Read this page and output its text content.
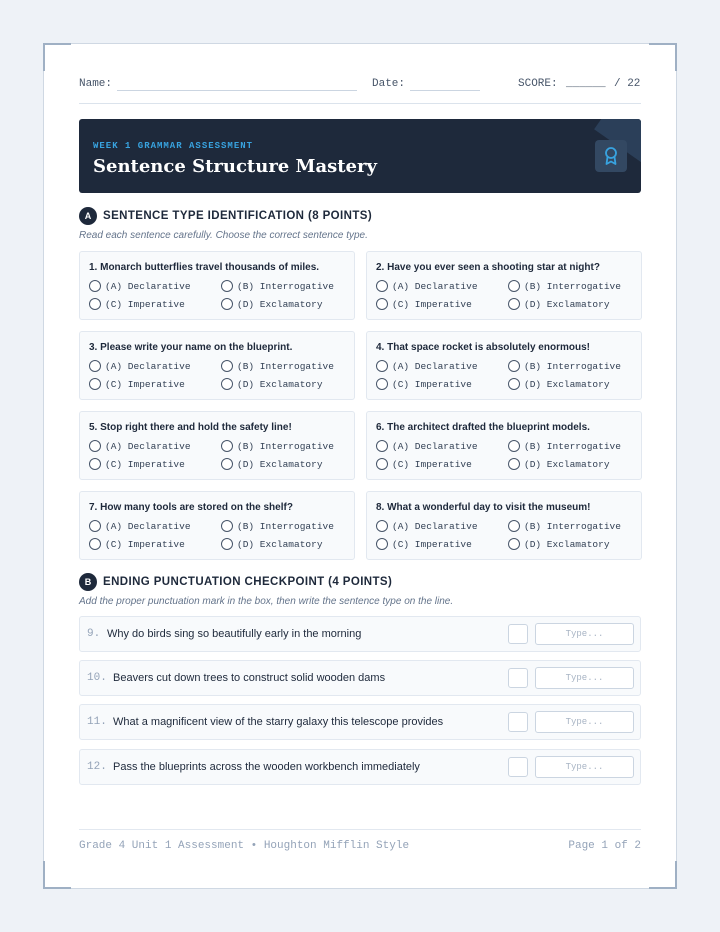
Name:	Date:	SCORE: ______ / 22
WEEK 1 GRAMMAR ASSESSMENT
Sentence Structure Mastery
A	SENTENCE TYPE IDENTIFICATION (8 POINTS)
Read each sentence carefully. Choose the correct sentence type.
1. Monarch butterflies travel thousands of miles.
(A) Declarative	(B) Interrogative
(C) Imperative	(D) Exclamatory
2. Have you ever seen a shooting star at night?
(A) Declarative	(B) Interrogative
(C) Imperative	(D) Exclamatory
3. Please write your name on the blueprint.
(A) Declarative	(B) Interrogative
(C) Imperative	(D) Exclamatory
4. That space rocket is absolutely enormous!
(A) Declarative	(B) Interrogative
(C) Imperative	(D) Exclamatory
5. Stop right there and hold the safety line!
(A) Declarative	(B) Interrogative
(C) Imperative	(D) Exclamatory
6. The architect drafted the blueprint models.
(A) Declarative	(B) Interrogative
(C) Imperative	(D) Exclamatory
7. How many tools are stored on the shelf?
(A) Declarative	(B) Interrogative
(C) Imperative	(D) Exclamatory
8. What a wonderful day to visit the museum!
(A) Declarative	(B) Interrogative
(C) Imperative	(D) Exclamatory
B	ENDING PUNCTUATION CHECKPOINT (4 POINTS)
Add the proper punctuation mark in the box, then write the sentence type on the line.
9. Why do birds sing so beautifully early in the morning
Type...
10. Beavers cut down trees to construct solid wooden dams
Type...
11. What a magnificent view of the starry galaxy this telescope provides
Type...
12. Pass the blueprints across the wooden workbench immediately
Type...
Grade 4 Unit 1 Assessment • Houghton Mifflin Style	Page 1 of 2
